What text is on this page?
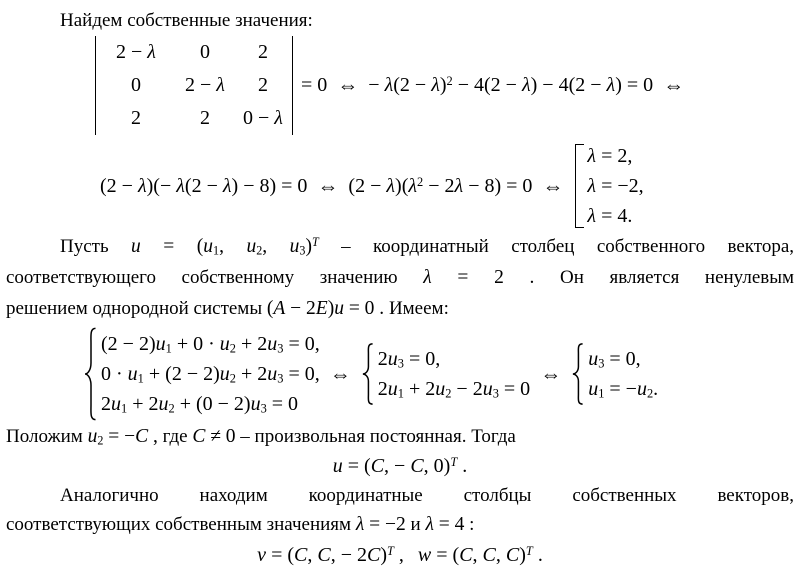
Найдем собственные значения:

2 − λ 0 2
0 2 − λ 2
2	2 0 − λ
= 0 ⇔ − $\lambda(2 - \lambda)^2 - 4(2 - \lambda) - 4(2 - \lambda) = 0$ ⇔
(2 − λ)(− λ(2 − λ) − 8) = 0 ⇔ $(2 - \lambda)(\lambda^2 - 2\lambda - 8) = 0$ ⇔
λ = 2,
λ = −2,
λ = 4.
Пусть $u = (u_1$, $u_2$, $u_3)^T$ – координатный столбец собственного вектора,
соответствующего собственному значению λ = 2 . Он является ненулевым
решением однородной системы (A − 2E)u = 0 . Имеем:
$(2 - 2)u_1 + 0 \cdot u_2 + 2u_3 = 0$,
$0 \cdot u_1 + (2 - 2)u_2 + 2u_3 = 0$,
$2u_1 + 2u_2 + (0 - 2)u_3 = 0$
⇔
$2u_3 = 0$,
$2u_1 + 2u_2 - 2u_3 = 0$
⇔
$u_3 = 0$,
$u_1 = -u_2$.
Положим $u_2 = -C$ , где C ≠ 0 – произвольная постоянная. Тогда
u = (C, − C, 0)$^T$ .
Аналогично находим координатные столбцы собственных векторов,
соответствующих собственным значениям λ = −2 и λ = 4 :
v = (C, C, − 2C)$^T$ , w = (C, C, C)$^T$ .
